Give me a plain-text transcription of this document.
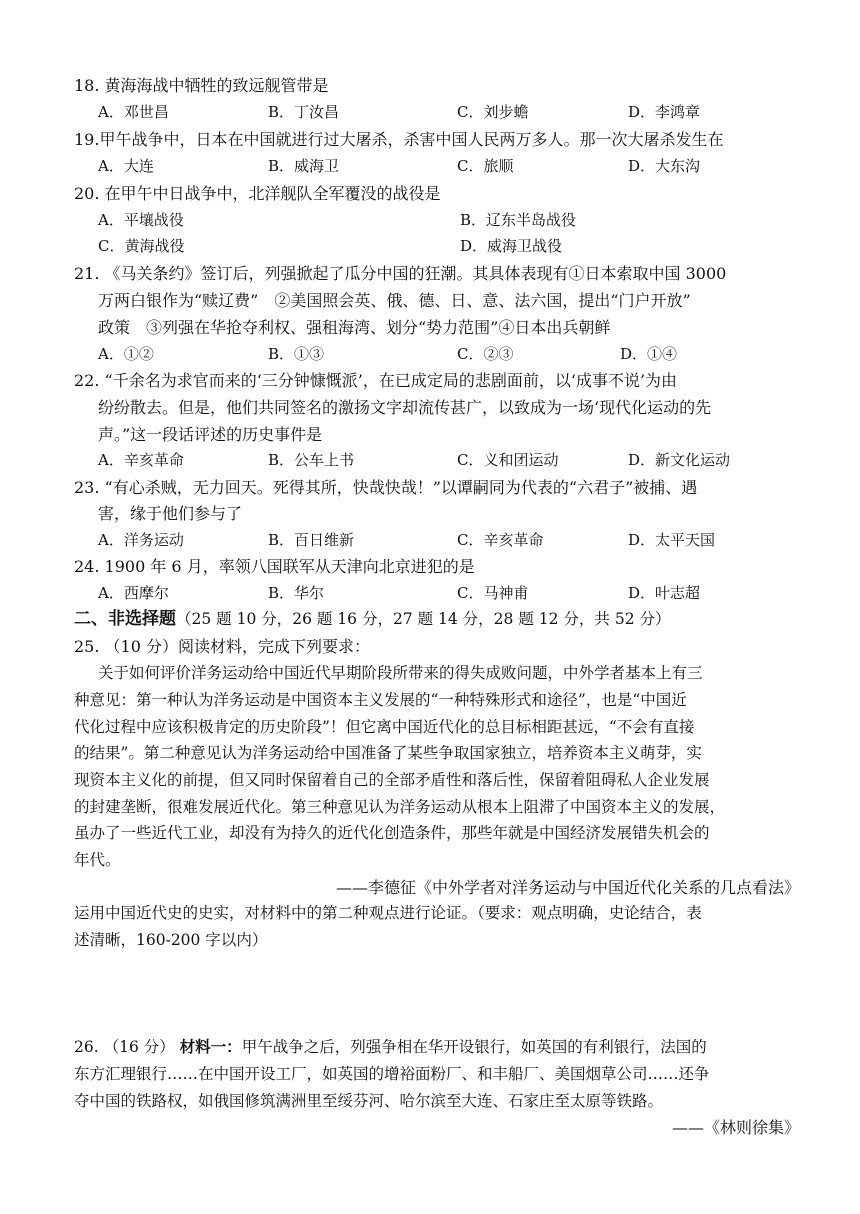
18. 黄海海战中牺牲的致远舰管带是
A．邓世昌	B．丁汝昌	C．刘步蟾	D．李鸿章
19.甲午战争中，日本在中国就进行过大屠杀，杀害中国人民两万多人。那一次大屠杀发生在
A．大连	B．威海卫	C．旅顺	D．大东沟
20. 在甲午中日战争中，北洋舰队全军覆没的战役是
A．平壤战役	B．辽东半岛战役
C．黄海战役	D．威海卫战役
21. 《马关条约》签订后，列强掀起了瓜分中国的狂潮。其具体表现有①日本索取中国 3000
万两白银作为“赎辽费”　②美国照会英、俄、德、日、意、法六国，提出“门户开放”
政策　③列强在华抢夺利权、强租海湾、划分“势力范围”④日本出兵朝鲜
A．①②	B．①③	C．②③	D．①④
22. “千余名为求官而来的‘三分钟慷慨派’，在已成定局的悲剧面前，以‘成事不说’为由
纷纷散去。但是，他们共同签名的激扬文字却流传甚广，以致成为一场‘现代化运动的先
声。”这一段话评述的历史事件是
A．辛亥革命	B．公车上书	C．义和团运动	D．新文化运动
23. “有心杀贼，无力回天。死得其所，快哉快哉！”以谭嗣同为代表的“六君子”被捕、遇
害，缘于他们参与了
A．洋务运动	B．百日维新	C．辛亥革命	D．太平天国
24. 1900 年 6 月，率领八国联军从天津向北京进犯的是
A．西摩尔	B．华尔	C．马神甫	D．叶志超
二、非选择题（25 题 10 分，26 题 16 分，27 题 14 分，28 题 12 分，共 52 分）
25. （10 分）阅读材料，完成下列要求：
关于如何评价洋务运动给中国近代早期阶段所带来的得失成败问题，中外学者基本上有三
种意见：第一种认为洋务运动是中国资本主义发展的“一种特殊形式和途径”，也是“中国近
代化过程中应该积极肯定的历史阶段”！但它离中国近代化的总目标相距甚远，“不会有直接
的结果”。第二种意见认为洋务运动给中国准备了某些争取国家独立，培养资本主义萌芽，实
现资本主义化的前提，但又同时保留着自己的全部矛盾性和落后性，保留着阻碍私人企业发展
的封建垄断，很难发展近代化。第三种意见认为洋务运动从根本上阻滞了中国资本主义的发展，
虽办了一些近代工业，却没有为持久的近代化创造条件，那些年就是中国经济发展错失机会的
年代。
——李德征《中外学者对洋务运动与中国近代化关系的几点看法》
运用中国近代史的史实，对材料中的第二种观点进行论证。（要求：观点明确，史论结合，表
述清晰，160-200 字以内）
26. （16 分） 材料一：甲午战争之后，列强争相在华开设银行，如英国的有利银行，法国的
东方汇理银行……在中国开设工厂，如英国的增裕面粉厂、和丰船厂、美国烟草公司……还争
夺中国的铁路权，如俄国修筑满洲里至绥芬河、哈尔滨至大连、石家庄至太原等铁路。
——《林则徐集》
